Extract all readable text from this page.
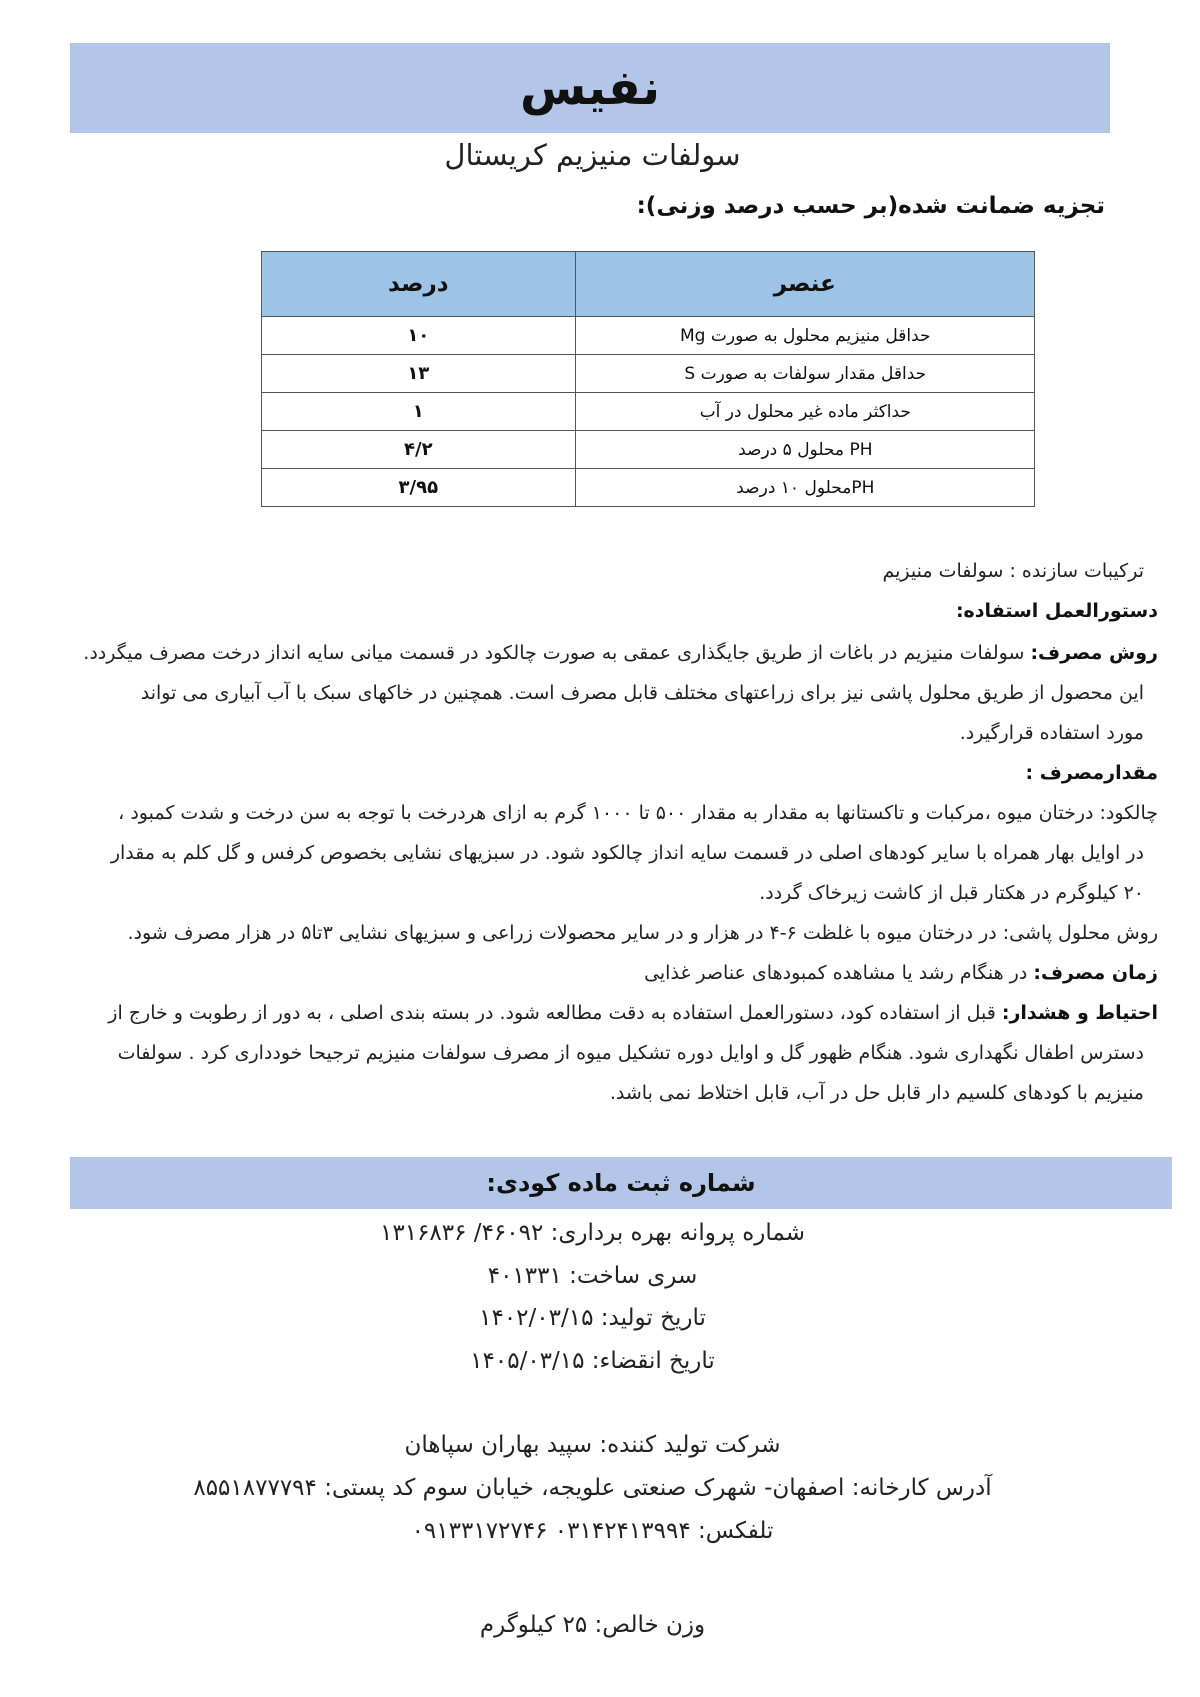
نفیس
سولفات منیزیم کریستال
تجزیه ضمانت شده(بر حسب درصد وزنی):
عنصر	درصد
حداقل منیزیم محلول به صورت Mg	۱۰
حداقل مقدار سولفات به صورت S	۱۳
حداکثر ماده غیر محلول در آب	۱
PH محلول ۵ درصد	۴/۲
PHمحلول ۱۰ درصد	۳/۹۵
ترکیبات سازنده : سولفات منیزیم
دستورالعمل استفاده:
روش مصرف: سولفات منیزیم در باغات از طریق جایگذاری عمقی به صورت چالکود در قسمت میانی سایه انداز درخت مصرف میگردد.
این محصول از طریق محلول پاشی نیز برای زراعتهای مختلف قابل مصرف است. همچنین در خاکهای سبک با آب آبیاری می تواند
مورد استفاده قرارگیرد.
مقدارمصرف :
چالکود: درختان میوه ،مرکبات و تاکستانها به مقدار به مقدار ۵۰۰ تا ۱۰۰۰ گرم به ازای هردرخت با توجه به سن درخت و شدت کمبود ،
در اوایل بهار همراه با سایر کودهای اصلی در قسمت سایه انداز چالکود شود. در سبزیهای نشایی بخصوص کرفس و گل کلم به مقدار
۲۰ کیلوگرم در هکتار قبل از کاشت زیرخاک گردد.
روش محلول پاشی: در درختان میوه با غلظت ۶-۴ در هزار و در سایر محصولات زراعی و سبزیهای نشایی ۳تا۵ در هزار مصرف شود.
زمان مصرف: در هنگام رشد یا مشاهده کمبودهای عناصر غذایی
احتیاط و هشدار: قبل از استفاده کود، دستورالعمل استفاده به دقت مطالعه شود. در بسته بندی اصلی ، به دور از رطوبت و خارج از
دسترس اطفال نگهداری شود. هنگام ظهور گل و اوایل دوره تشکیل میوه از مصرف سولفات منیزیم ترجیحا خودداری کرد . سولفات
منیزیم با کودهای کلسیم دار قابل حل در آب، قابل اختلاط نمی باشد.
شماره ثبت ماده کودی:
شماره پروانه بهره برداری: ۴۶۰۹۲/ ۱۳۱۶۸۳۶
سری ساخت: ۴۰۱۳۳۱
تاریخ تولید: ۱۴۰۲/۰۳/۱۵
تاریخ انقضاء: ۱۴۰۵/۰۳/۱۵
شرکت تولید کننده: سپید بهاران سپاهان
آدرس کارخانه: اصفهان- شهرک صنعتی علویجه، خیابان سوم کد پستی: ۸۵۵۱۸۷۷۷۹۴
تلفکس: ۰۳۱۴۲۴۱۳۹۹۴ ۰۹۱۳۳۱۷۲۷۴۶
وزن خالص: ۲۵ کیلوگرم
